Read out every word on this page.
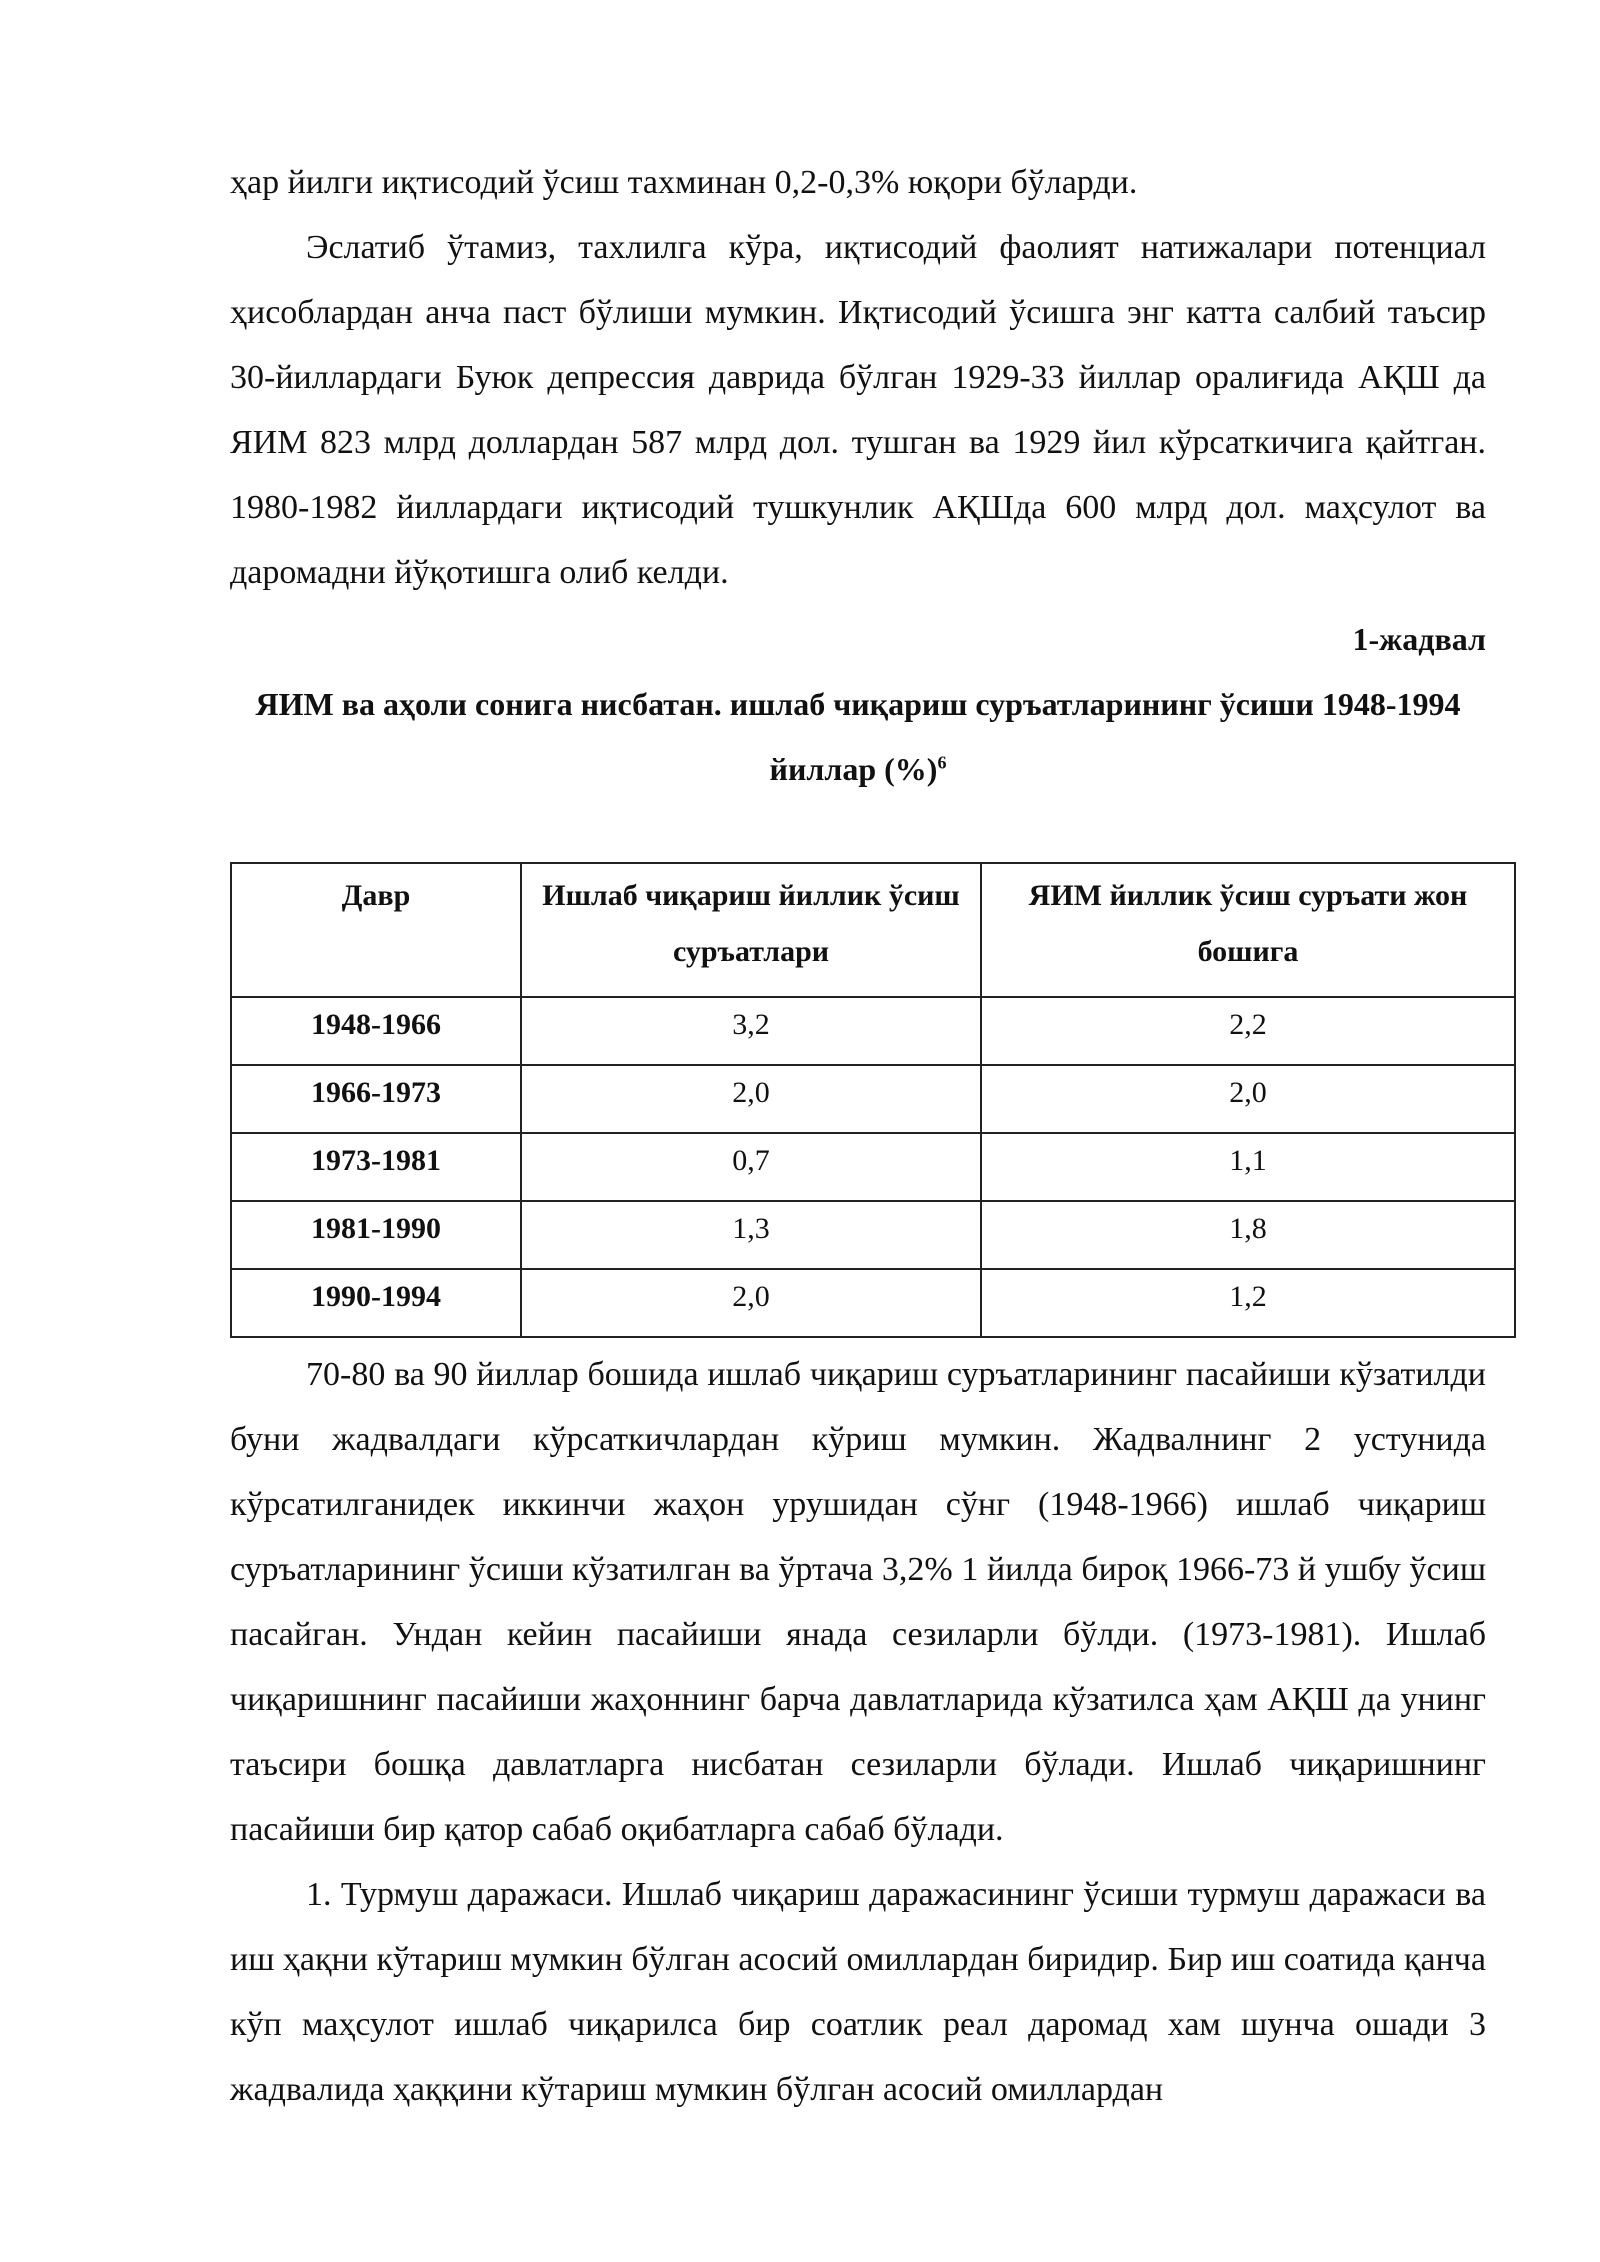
ҳар йилги иқтисодий ўсиш тахминан 0,2-0,3% юқори бўларди.

Эслатиб ўтамиз, тахлилга кўра, иқтисодий фаолият натижалари потенциал ҳисоблардан анча паст бўлиши мумкин. Иқтисодий ўсишга энг катта салбий таъсир 30-йиллардаги Буюк депрессия даврида бўлган 1929-33 йиллар оралиғида АҚШ да ЯИМ 823 млрд доллардан 587 млрд дол. тушган ва 1929 йил кўрсаткичига қайтган. 1980-1982 йиллардаги иқтисодий тушкунлик АҚШда 600 млрд дол. маҳсулот ва даромадни йўқотишга олиб келди.

1-жадвал
ЯИМ ва аҳоли сонига нисбатан. ишлаб чиқариш суръатларининг ўсиши 1948-1994 йиллар (%)$^6$
Давр	Ишлаб чиқариш йиллик ўсиш суръатлари	ЯИМ йиллик ўсиш суръати жон бошига
1948-1966	3,2	2,2
1966-1973	2,0	2,0
1973-1981	0,7	1,1
1981-1990	1,3	1,8
1990-1994	2,0	1,2

70-80 ва 90 йиллар бошида ишлаб чиқариш суръатларининг пасайиши кўзатилди буни жадвалдаги кўрсаткичлардан кўриш мумкин. Жадвалнинг 2 устунида кўрсатилганидек иккинчи жаҳон урушидан сўнг (1948-1966) ишлаб чиқариш суръатларининг ўсиши кўзатилган ва ўртача 3,2% 1 йилда бироқ 1966-73 й ушбу ўсиш пасайган. Ундан кейин пасайиши янада сезиларли бўлди. (1973-1981). Ишлаб чиқаришнинг пасайиши жаҳоннинг барча давлатларида кўзатилса ҳам АҚШ да унинг таъсири бошқа давлатларга нисбатан сезиларли бўлади. Ишлаб чиқаришнинг пасайиши бир қатор сабаб оқибатларга сабаб бўлади.

1. Турмуш даражаси. Ишлаб чиқариш даражасининг ўсиши турмуш даражаси ва иш ҳақни кўтариш мумкин бўлган асосий омиллардан биридир. Бир иш соатида қанча кўп маҳсулот ишлаб чиқарилса бир соатлик реал даромад хам шунча ошади 3 жадвалида ҳаққини кўтариш мумкин бўлган асосий омиллардан
